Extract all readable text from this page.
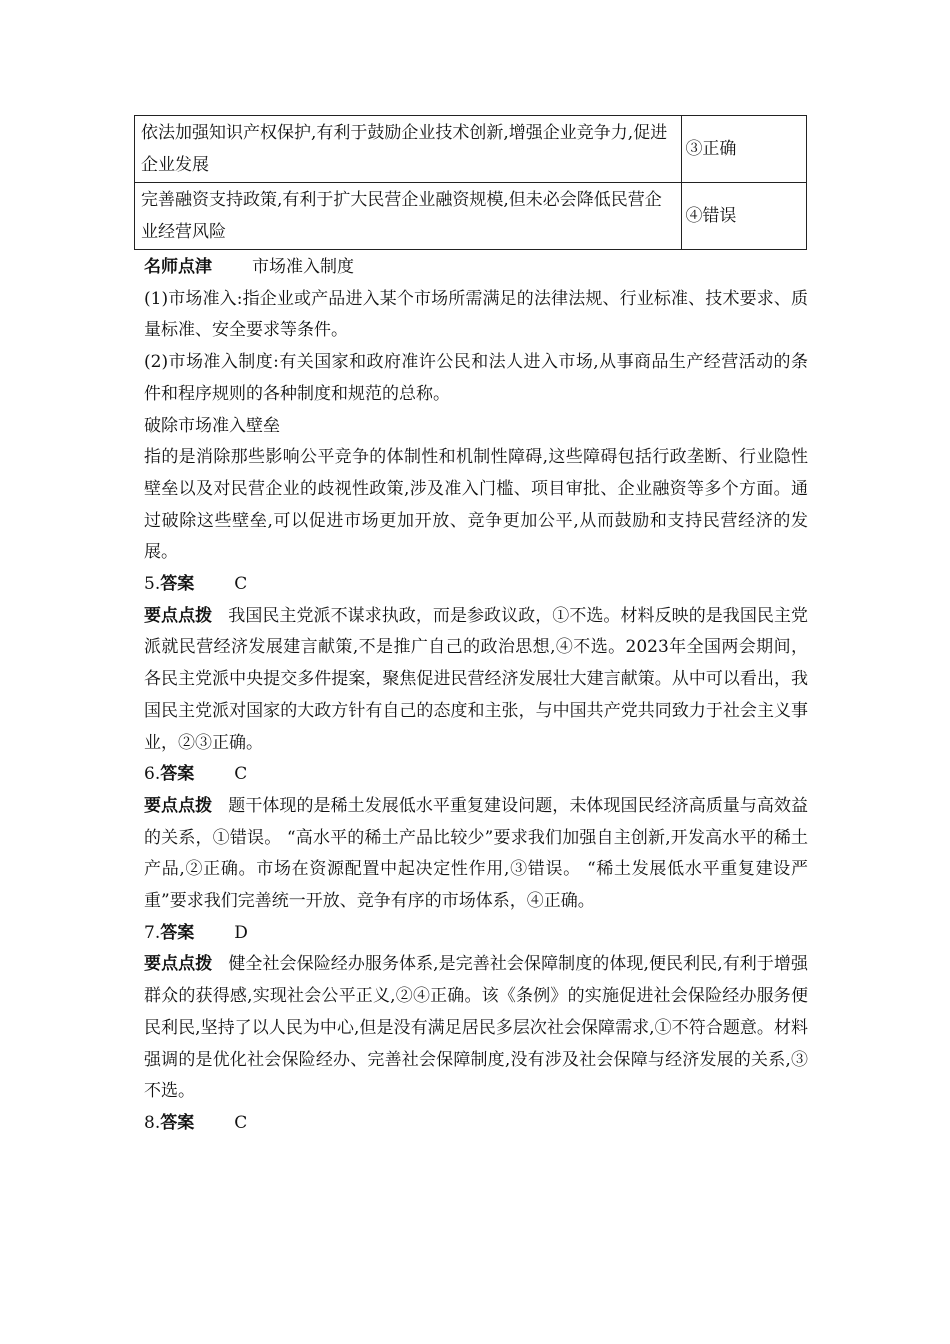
依法加强知识产权保护,有利于鼓励企业技术创新,增强企业竞争力,促进企业发展	③正确
完善融资支持政策,有利于扩大民营企业融资规模,但未必会降低民营企业经营风险	④错误

名师点津 市场准入制度

(1)市场准入:指企业或产品进入某个市场所需满足的法律法规、行业标准、技术要求、质量标准、安全要求等条件。

(2)市场准入制度:有关国家和政府准许公民和法人进入市场,从事商品生产经营活动的条件和程序规则的各种制度和规范的总称。

破除市场准入壁垒

指的是消除那些影响公平竞争的体制性和机制性障碍,这些障碍包括行政垄断、行业隐性壁垒以及对民营企业的歧视性政策,涉及准入门槛、项目审批、企业融资等多个方面。通过破除这些壁垒,可以促进市场更加开放、竞争更加公平,从而鼓励和支持民营经济的发展。

5.答案 C

要点点拨 我国民主党派不谋求执政，而是参政议政，①不选。材料反映的是我国民主党派就民营经济发展建言献策,不是推广自己的政治思想,④不选。2023年全国两会期间，各民主党派中央提交多件提案，聚焦促进民营经济发展壮大建言献策。从中可以看出，我国民主党派对国家的大政方针有自己的态度和主张，与中国共产党共同致力于社会主义事业，②③正确。

6.答案 C

要点点拨 题干体现的是稀土发展低水平重复建设问题，未体现国民经济高质量与高效益的关系，①错误。 “高水平的稀土产品比较少”要求我们加强自主创新,开发高水平的稀土产品,②正确。市场在资源配置中起决定性作用,③错误。 “稀土发展低水平重复建设严重”要求我们完善统一开放、竞争有序的市场体系，④正确。

7.答案 D

要点点拨 健全社会保险经办服务体系,是完善社会保障制度的体现,便民利民,有利于增强群众的获得感,实现社会公平正义,②④正确。该《条例》的实施促进社会保险经办服务便民利民,坚持了以人民为中心,但是没有满足居民多层次社会保障需求,①不符合题意。材料强调的是优化社会保险经办、完善社会保障制度,没有涉及社会保障与经济发展的关系,③不选。

8.答案 C
